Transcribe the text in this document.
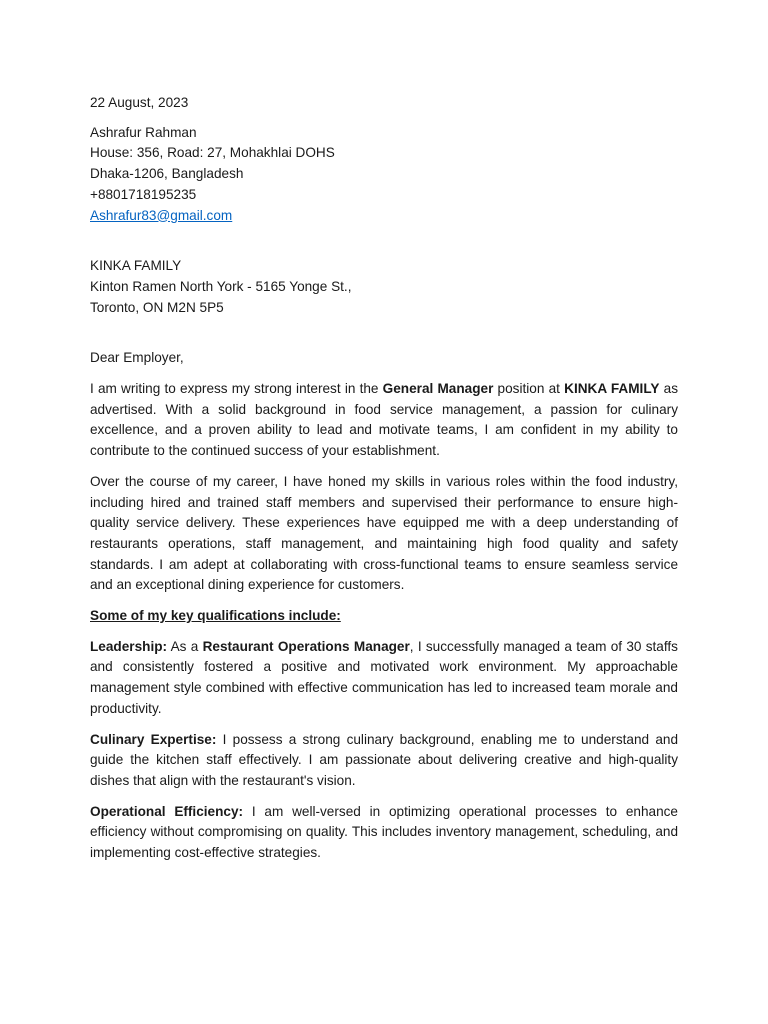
22 August, 2023
Ashrafur Rahman
House: 356, Road: 27, Mohakhlai DOHS
Dhaka-1206, Bangladesh
+8801718195235
Ashrafur83@gmail.com
KINKA FAMILY
Kinton Ramen North York - 5165 Yonge St.,
Toronto, ON M2N 5P5
Dear Employer,

I am writing to express my strong interest in the General Manager position at KINKA FAMILY as advertised. With a solid background in food service management, a passion for culinary excellence, and a proven ability to lead and motivate teams, I am confident in my ability to contribute to the continued success of your establishment.

Over the course of my career, I have honed my skills in various roles within the food industry, including hired and trained staff members and supervised their performance to ensure high-quality service delivery. These experiences have equipped me with a deep understanding of restaurants operations, staff management, and maintaining high food quality and safety standards. I am adept at collaborating with cross-functional teams to ensure seamless service and an exceptional dining experience for customers.

Some of my key qualifications include:

Leadership: As a Restaurant Operations Manager, I successfully managed a team of 30 staffs and consistently fostered a positive and motivated work environment. My approachable management style combined with effective communication has led to increased team morale and productivity.

Culinary Expertise: I possess a strong culinary background, enabling me to understand and guide the kitchen staff effectively. I am passionate about delivering creative and high-quality dishes that align with the restaurant's vision.

Operational Efficiency: I am well-versed in optimizing operational processes to enhance efficiency without compromising on quality. This includes inventory management, scheduling, and implementing cost-effective strategies.
